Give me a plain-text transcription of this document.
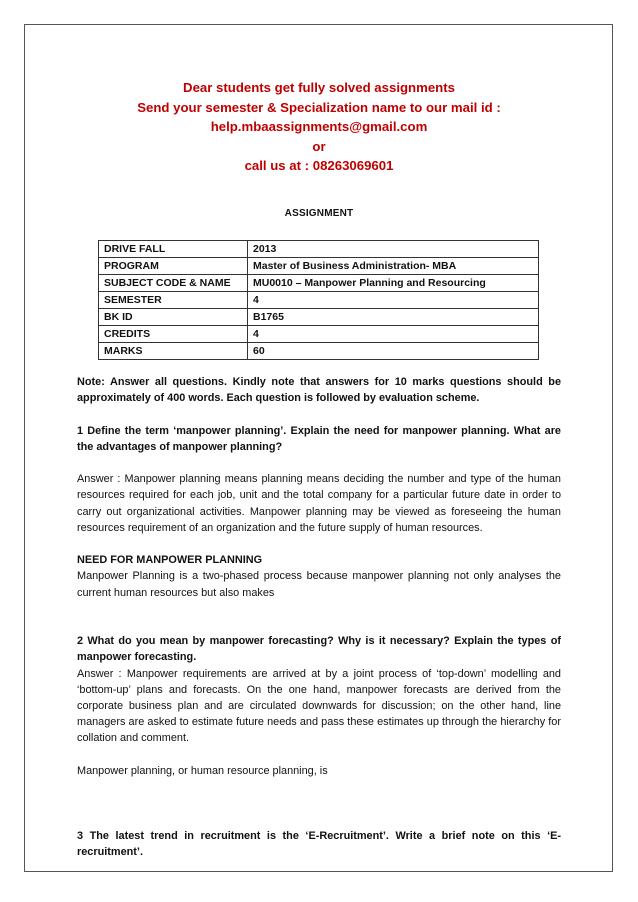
Dear students get fully solved assignments
Send your semester & Specialization name to our mail id :
help.mbaassignments@gmail.com
or
call us at : 08263069601
ASSIGNMENT
DRIVE FALL	2013
PROGRAM	Master of Business Administration- MBA
SUBJECT CODE & NAME	MU0010 – Manpower Planning and Resourcing
SEMESTER	4
BK ID	B1765
CREDITS	4
MARKS	60

Note: Answer all questions. Kindly note that answers for 10 marks questions should be approximately of 400 words. Each question is followed by evaluation scheme.

1 Define the term ‘manpower planning’. Explain the need for manpower planning. What are the advantages of manpower planning?

Answer : Manpower planning means planning means deciding the number and type of the human resources required for each job, unit and the total company for a particular future date in order to carry out organizational activities. Manpower planning may be viewed as foreseeing the human resources requirement of an organization and the future supply of human resources.

NEED FOR MANPOWER PLANNING

Manpower Planning is a two-phased process because manpower planning not only analyses the current human resources but also makes

2 What do you mean by manpower forecasting? Why is it necessary? Explain the types of manpower forecasting.

Answer : Manpower requirements are arrived at by a joint process of ‘top-down’ modelling and ‘bottom-up’ plans and forecasts. On the one hand, manpower forecasts are derived from the corporate business plan and are circulated downwards for discussion; on the other hand, line managers are asked to estimate future needs and pass these estimates up through the hierarchy for collation and comment.

Manpower planning, or human resource planning, is

3 The latest trend in recruitment is the ‘E-Recruitment’. Write a brief note on this ‘E-recruitment’.
